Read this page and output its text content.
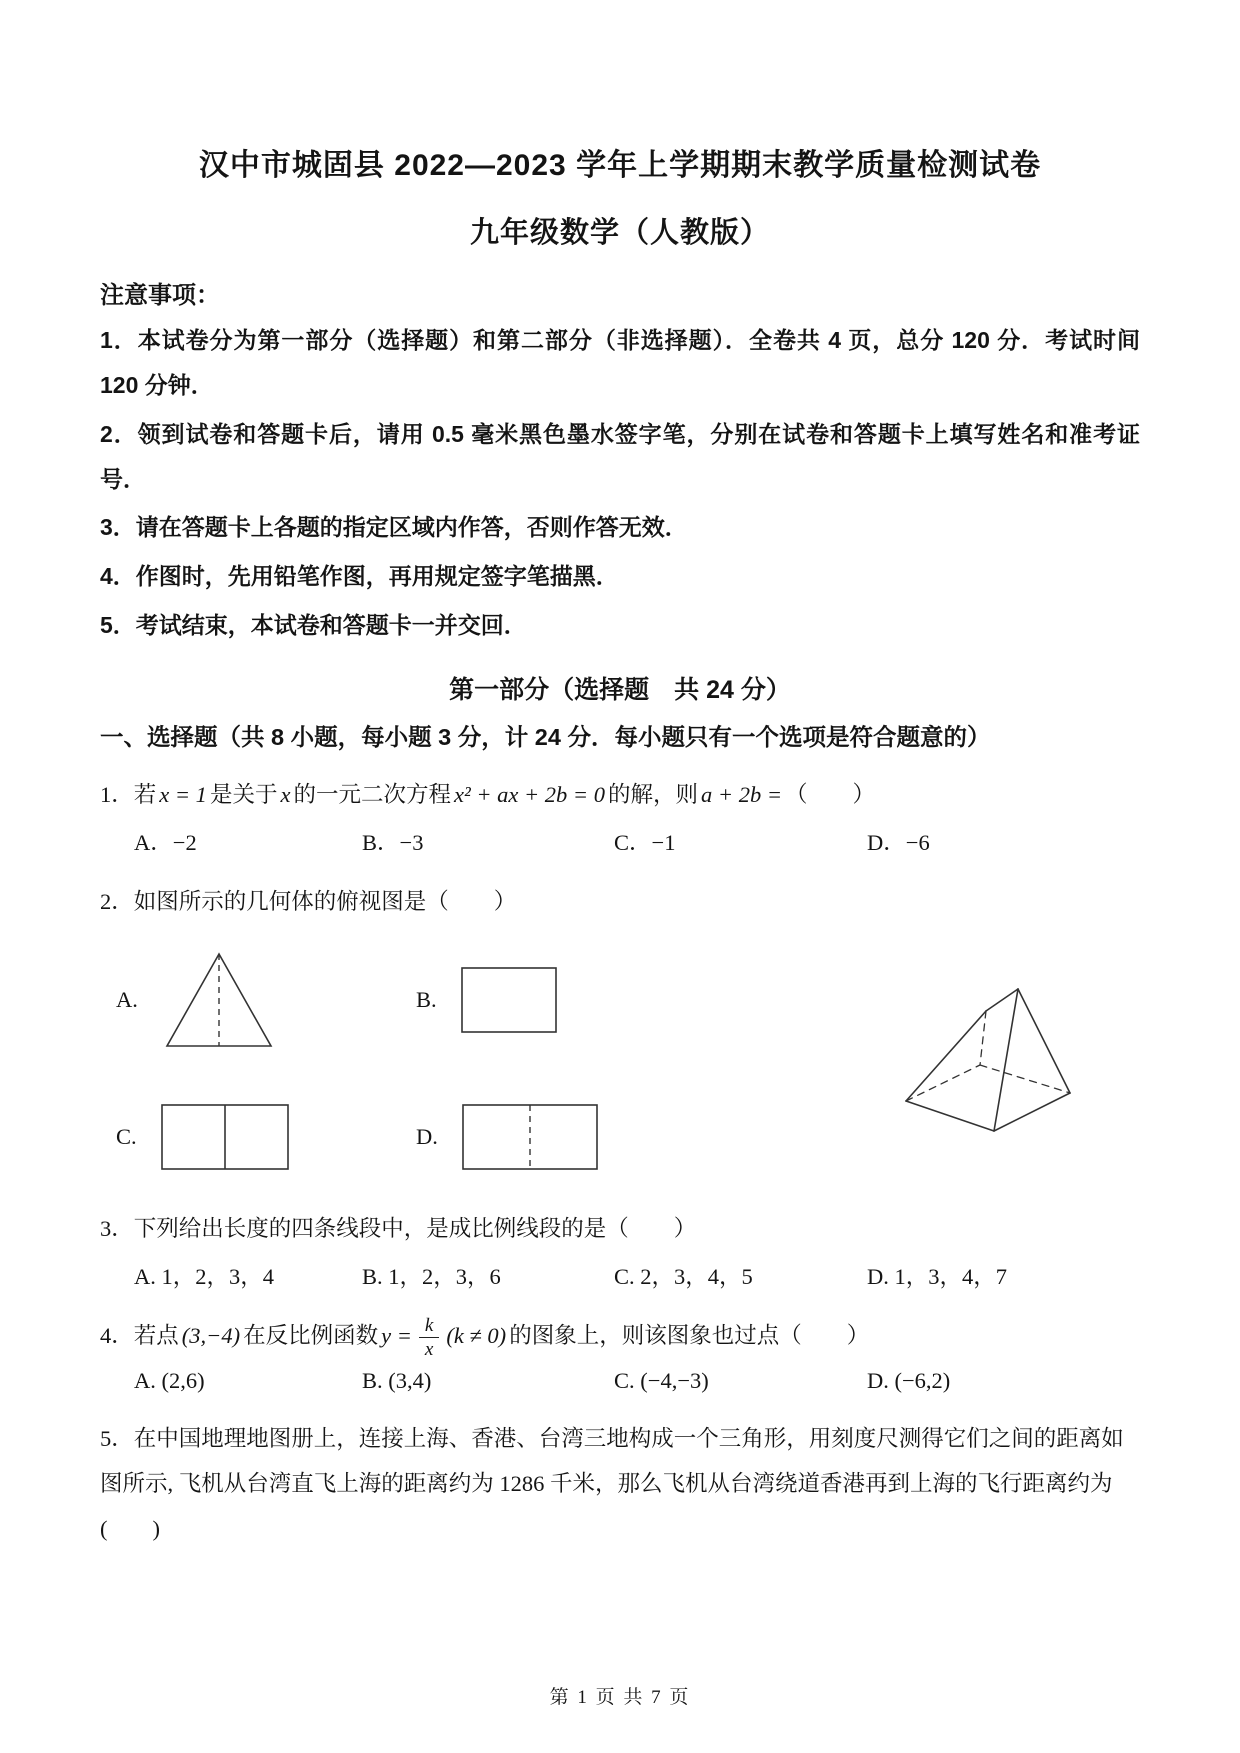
汉中市城固县 2022—2023 学年上学期期末教学质量检测试卷
九年级数学（人教版）
注意事项：

1．本试卷分为第一部分（选择题）和第二部分（非选择题）．全卷共 4 页，总分 120 分．考试时间 120 分钟．

2．领到试卷和答题卡后，请用 0.5 毫米黑色墨水签字笔，分别在试卷和答题卡上填写姓名和准考证号．

3．请在答题卡上各题的指定区域内作答，否则作答无效．

4．作图时，先用铅笔作图，再用规定签字笔描黑．

5．考试结束，本试卷和答题卡一并交回．

第一部分（选择题　共 24 分）
一、选择题（共 8 小题，每小题 3 分，计 24 分．每小题只有一个选项是符合题意的）

1．若 x = 1 是关于 x 的一元二次方程 x² + ax + 2b = 0 的解，则 a + 2b = （　　）

A．−2	B．−3	C．−1	D．−6

2．如图所示的几何体的俯视图是（　　）

A.	B.
C.	D.

3．下列给出长度的四条线段中，是成比例线段的是（　　）

A. 1，2，3，4	B. 1，2，3，6	C. 2，3，4，5	D. 1，3，4，7

4．若点 (3,−4) 在反比例函数 $y = \frac{k}{x} (k \ne 0)$ 的图象上，则该图象也过点（　　）

A. (2,6)	B. (3,4)	C. (−4,−3)	D. (−6,2)

5．在中国地理地图册上，连接上海、香港、台湾三地构成一个三角形，用刻度尺测得它们之间的距离如图所示, 飞机从台湾直飞上海的距离约为 1286 千米，那么飞机从台湾绕道香港再到上海的飞行距离约为(　　)

第 1 页 共 7 页
